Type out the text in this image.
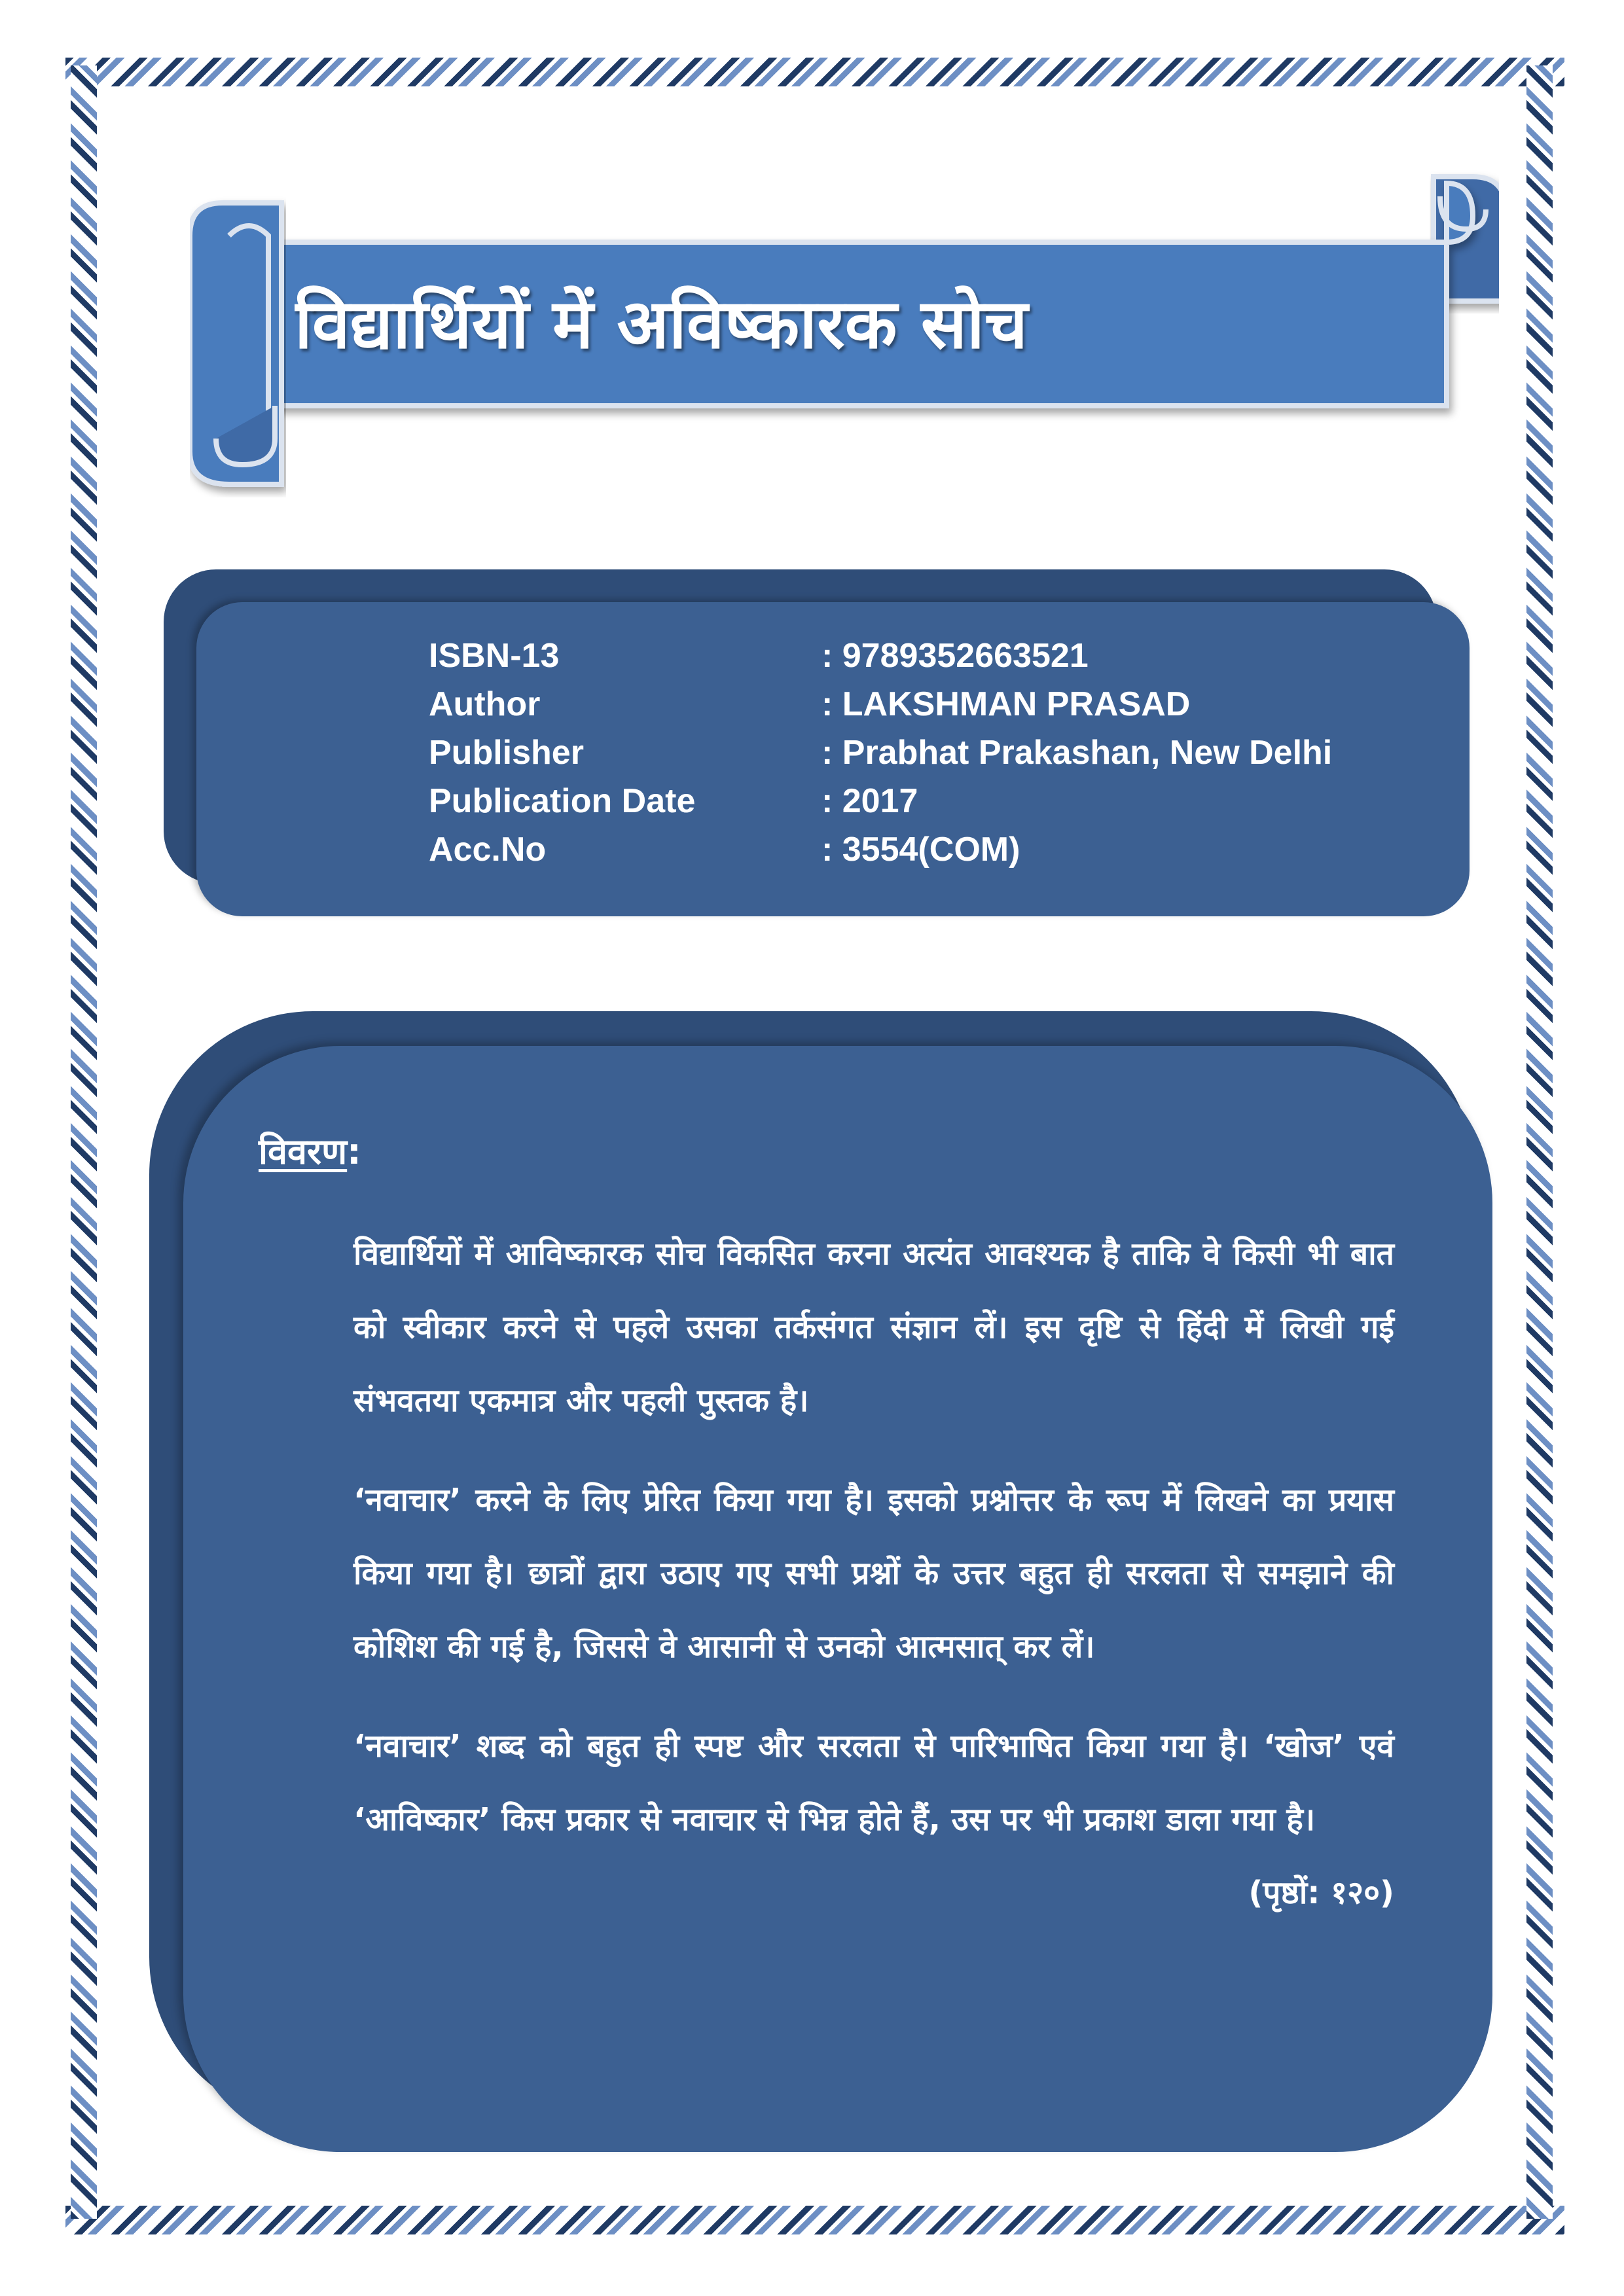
विद्यार्थियों में अविष्कारक सोच
ISBN-13	: 9789352663521
Author	: LAKSHMAN PRASAD
Publisher	: Prabhat Prakashan, New Delhi
Publication Date	: 2017
Acc.No	: 3554(COM)
विवरण:

विद्यार्थियों में आविष्कारक सोच विकसित करना अत्यंत आवश्यक है ताकि वे किसी भी बात को स्वीकार करने से पहले उसका तर्कसंगत संज्ञान लें। इस दृष्टि से हिंदी में लिखी गई संभवतया एकमात्र और पहली पुस्तक है।

‘नवाचार’ करने के लिए प्रेरित किया गया है। इसको प्रश्नोत्तर के रूप में लिखने का प्रयास किया गया है। छात्रों द्वारा उठाए गए सभी प्रश्नों के उत्तर बहुत ही सरलता से समझाने की कोशिश की गई है, जिससे वे आसानी से उनको आत्मसात् कर लें।

‘नवाचार’ शब्द को बहुत ही स्पष्ट और सरलता से पारिभाषित किया गया है। ‘खोज’ एवं ‘आविष्कार’ किस प्रकार से नवाचार से भिन्न होते हैं, उस पर भी प्रकाश डाला गया है।
(पृष्ठों: १२०)
